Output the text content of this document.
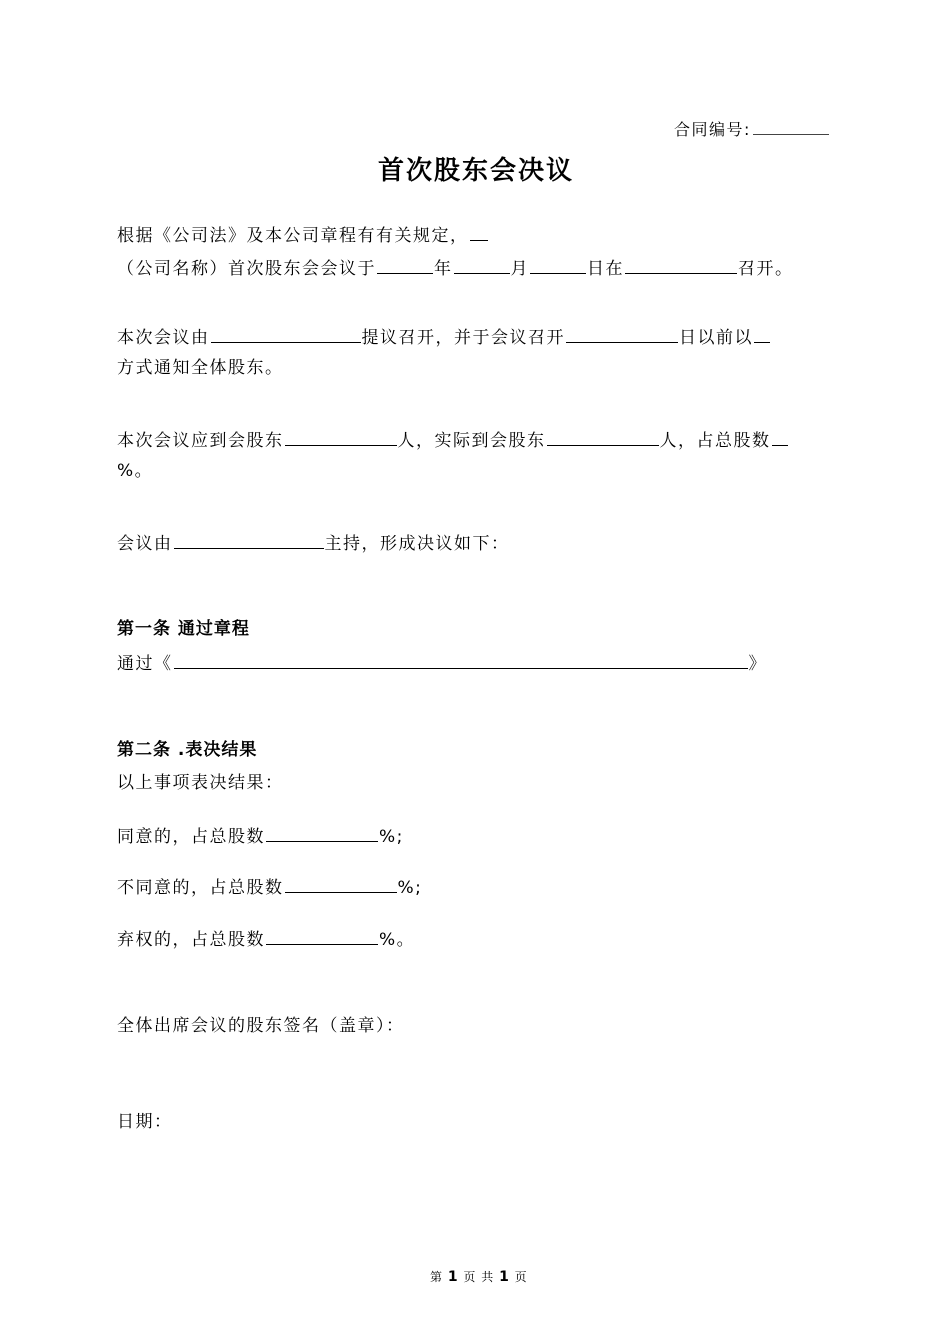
合同编号:
首次股东会决议
根据《公司法》及本公司章程有有关规定，
（公司名称）首次股东会会议于	年	月	日在	召开。
本次会议由	提议召开，并于会议召开	日以前以
方式通知全体股东。
本次会议应到会股东	人，实际到会股东	人，占总股数
%。
会议由	主持，形成决议如下：
第一条 通过章程
通过《	》
第二条 .表决结果
以上事项表决结果：
同意的，占总股数	%;
不同意的，占总股数	%;
弃权的，占总股数	%。
全体出席会议的股东签名（盖章）：
日期：
第 1 页 共 1 页
